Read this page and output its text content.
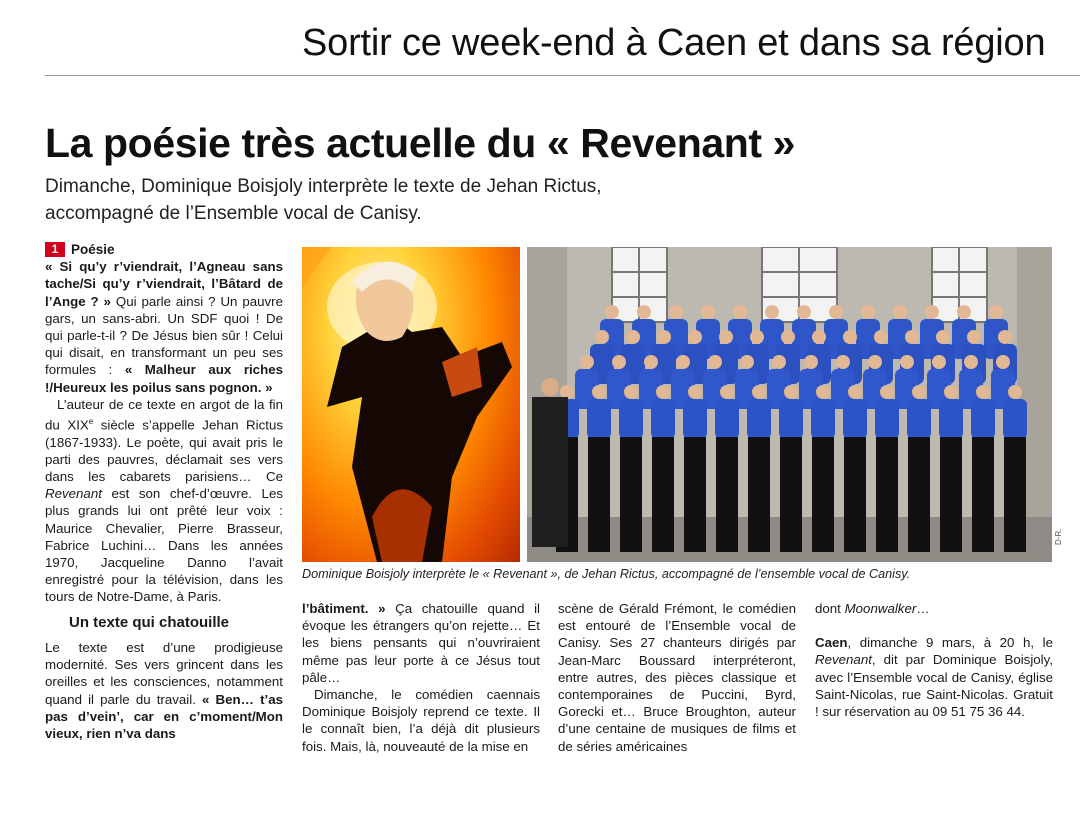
Sortir ce week-end à Caen et dans sa région
La poésie très actuelle du « Revenant »
Dimanche, Dominique Boisjoly interprète le texte de Jehan Rictus,
accompagné de l’Ensemble vocal de Canisy.
1 Poésie

« Si qu’y r’viendrait, l’Agneau sans tache/Si qu’y r’viendrait, l’Bâtard de l’Ange ? » Qui parle ainsi ? Un pauvre gars, un sans-abri. Un SDF quoi ! De qui parle-t-il ? De Jésus bien sûr ! Celui qui disait, en transformant un peu ses formules : « Malheur aux riches !/Heureux les poilus sans pognon. »

L’auteur de ce texte en argot de la fin du XIXe siècle s’appelle Jehan Rictus (1867-1933). Le poète, qui avait pris le parti des pauvres, déclamait ses vers dans les cabarets parisiens… Ce Revenant est son chef-d’œuvre. Les plus grands lui ont prêté leur voix : Maurice Chevalier, Pierre Brasseur, Fabrice Luchini… Dans les années 1970, Jacqueline Danno l’avait enregistré pour la télévision, dans les tours de Notre-Dame, à Paris.

Un texte qui chatouille

Le texte est d’une prodigieuse modernité. Ses vers grincent dans les oreilles et les consciences, notamment quand il parle du travail. « Ben… t’as pas d’vein’, car en c’moment/Mon vieux, rien n’va dans

Dominique Boisjoly interprète le « Revenant », de Jehan Rictus, accompagné de l’ensemble vocal de Canisy.
D-R.

l’bâtiment. » Ça chatouille quand il évoque les étrangers qu’on rejette… Et les biens pensants qui n’ouvriraient même pas leur porte à ce Jésus tout pâle…

Dimanche, le comédien caennais Dominique Boisjoly reprend ce texte. Il le connaît bien, l’a déjà dit plusieurs fois. Mais, là, nouveauté de la mise en

scène de Gérald Frémont, le comédien est entouré de l’Ensemble vocal de Canisy. Ses 27 chanteurs dirigés par Jean-Marc Boussard interpréteront, entre autres, des pièces classique et contemporaines de Puccini, Byrd, Gorecki et… Bruce Broughton, auteur d’une centaine de musiques de films et de séries américaines

dont Moonwalker…

Caen, dimanche 9 mars, à 20 h, le Revenant, dit par Dominique Boisjoly, avec l’Ensemble vocal de Canisy, église Saint-Nicolas, rue Saint-Nicolas. Gratuit ! sur réservation au 09 51 75 36 44.
